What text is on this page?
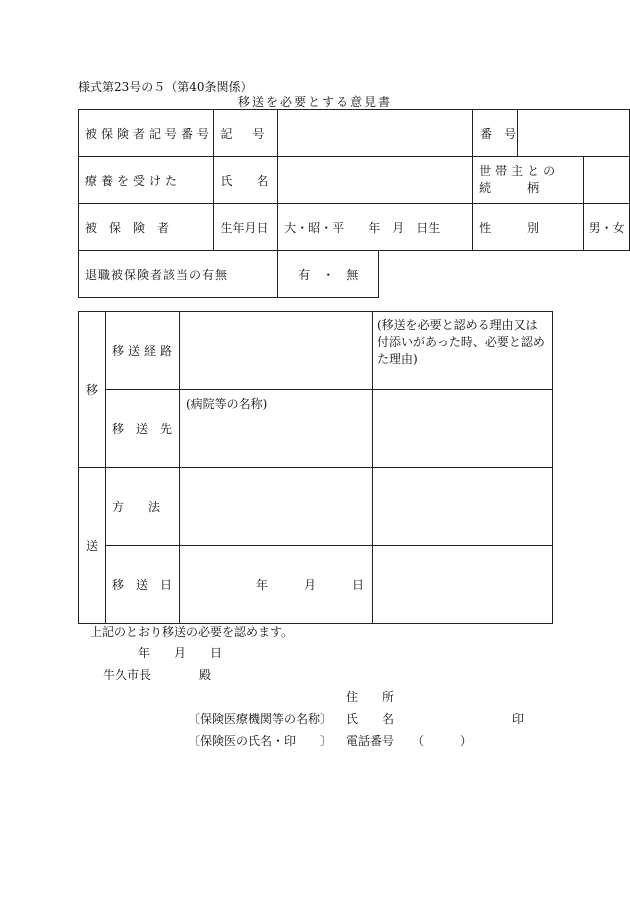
様式第23号の５（第40条関係）
移送を必要とする意見書
被保険者記号番号	記　号			番　号		
療養を受けた	氏　　名			世帯主との
続　　　柄		

被　保　険　者	生年月日	大・昭・平　　年　月　日生		性　　　別		男・女
退職被保険者該当の有無		有　・　無				
移	移送経路		(移送を必要と認める理由又は
付添いがあった時、必要と認め
た理由)

	移　送　先	(病院等の名称)	
送	方　　法		
	移　送　日	年　　　月　　　日	
上記のとおり移送の必要を認めます。
年　　月　　日
牛久市長　　　　殿
住　　所
〔保険医療機関等の名称〕 氏　　名	印
〔保険医の氏名・印　　〕 電話番号 （　　　）
